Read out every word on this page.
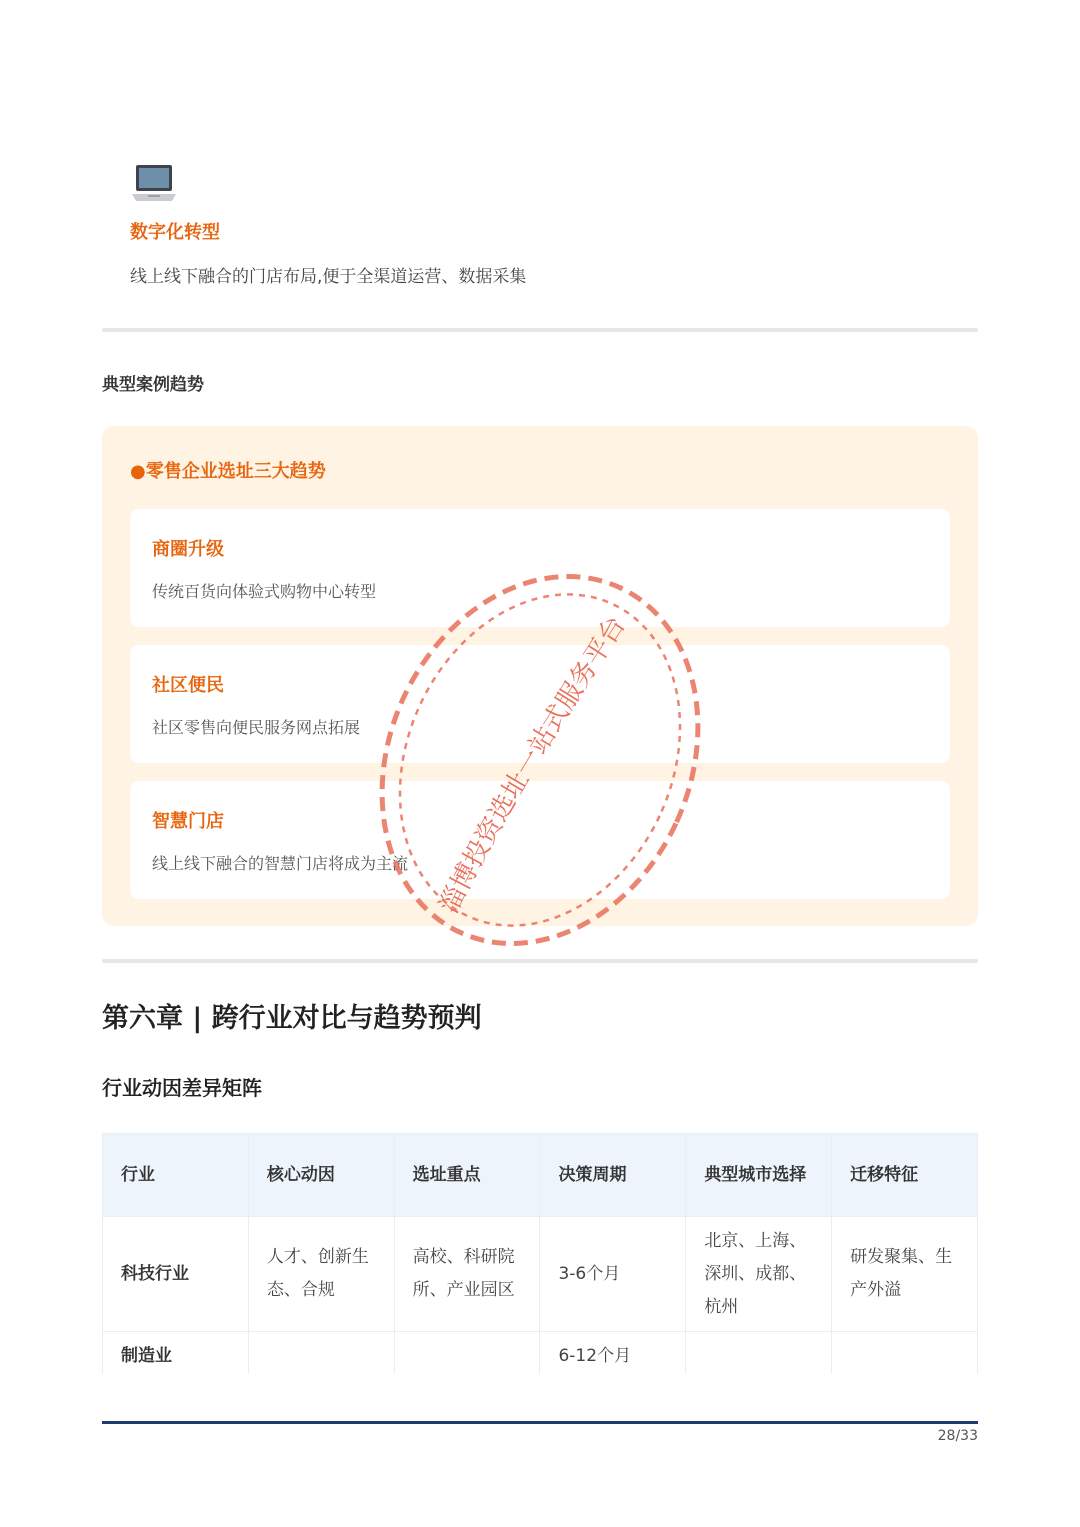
数字化转型
线上线下融合的门店布局,便于全渠道运营、数据采集
典型案例趋势
●零售企业选址三大趋势
商圈升级
传统百货向体验式购物中心转型
社区便民
社区零售向便民服务网点拓展
智慧门店
线上线下融合的智慧门店将成为主流
第六章 | 跨行业对比与趋势预判
行业动因差异矩阵
行业	核心动因	选址重点	决策周期	典型城市选择	迁移特征
科技行业	人才、创新生态、合规	高校、科研院所、产业园区	3-6个月	北京、上海、深圳、成都、杭州	研发聚集、生产外溢
制造业			6-12个月		
28/33
淄博投资选址一站式服务平台
